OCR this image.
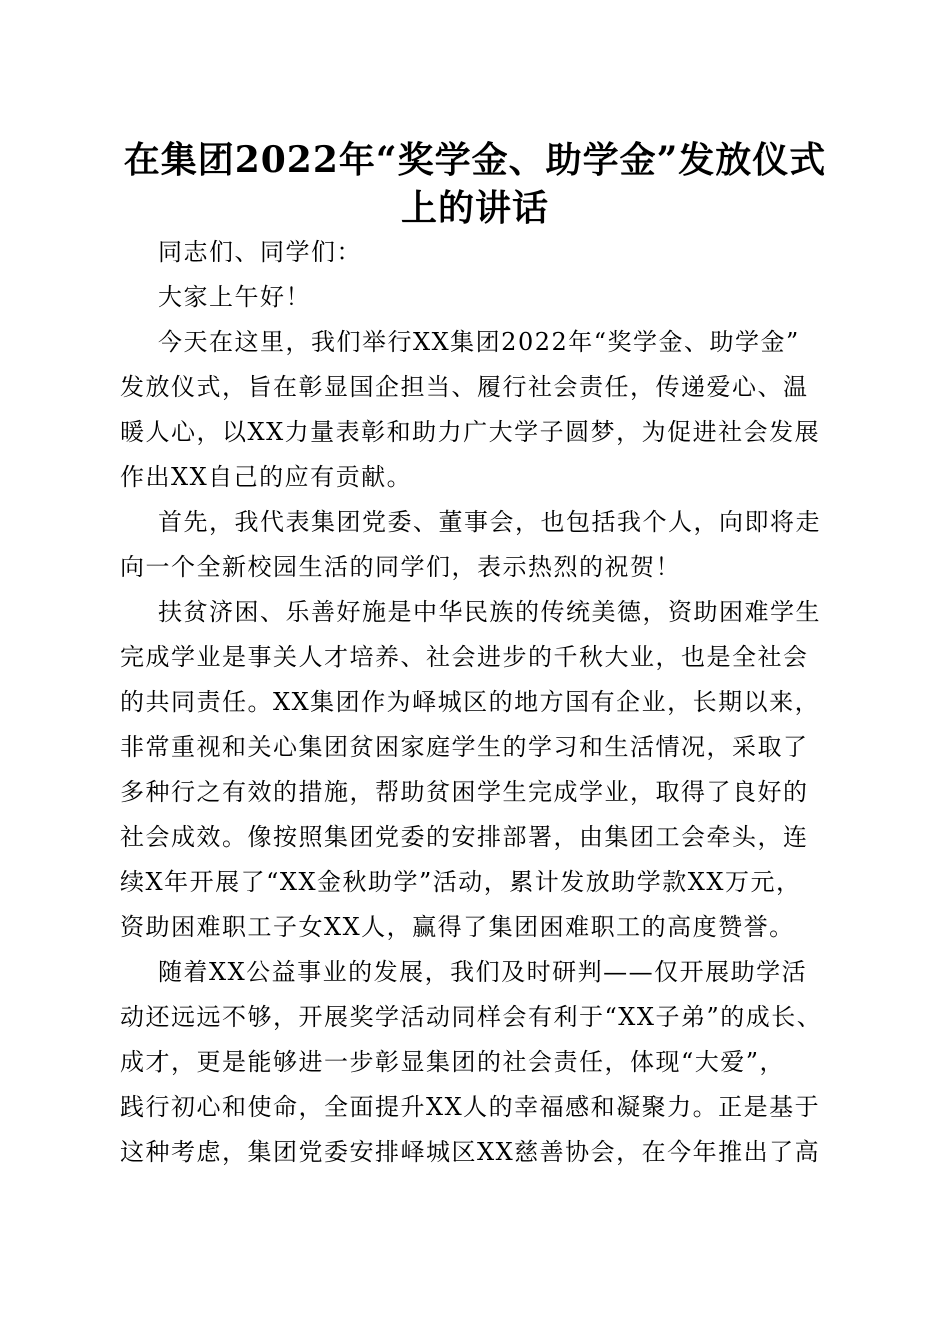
在集团2022年“奖学金、助学金”发放仪式
上的讲话
同志们、同学们：
大家上午好！
今天在这里，我们举行XX集团2022年“奖学金、助学金”
发放仪式，旨在彰显国企担当、履行社会责任，传递爱心、温
暖人心，以XX力量表彰和助力广大学子圆梦，为促进社会发展
作出XX自己的应有贡献。
首先，我代表集团党委、董事会，也包括我个人，向即将走
向一个全新校园生活的同学们，表示热烈的祝贺！
扶贫济困、乐善好施是中华民族的传统美德，资助困难学生
完成学业是事关人才培养、社会进步的千秋大业，也是全社会
的共同责任。XX集团作为峄城区的地方国有企业，长期以来，
非常重视和关心集团贫困家庭学生的学习和生活情况，采取了
多种行之有效的措施，帮助贫困学生完成学业，取得了良好的
社会成效。像按照集团党委的安排部署，由集团工会牵头，连
续X年开展了“XX金秋助学”活动，累计发放助学款XX万元，
资助困难职工子女XX人，赢得了集团困难职工的高度赞誉。
随着XX公益事业的发展，我们及时研判——仅开展助学活
动还远远不够，开展奖学活动同样会有利于“XX子弟”的成长、
成才，更是能够进一步彰显集团的社会责任，体现“大爱”，
践行初心和使命，全面提升XX人的幸福感和凝聚力。正是基于
这种考虑，集团党委安排峄城区XX慈善协会，在今年推出了高
